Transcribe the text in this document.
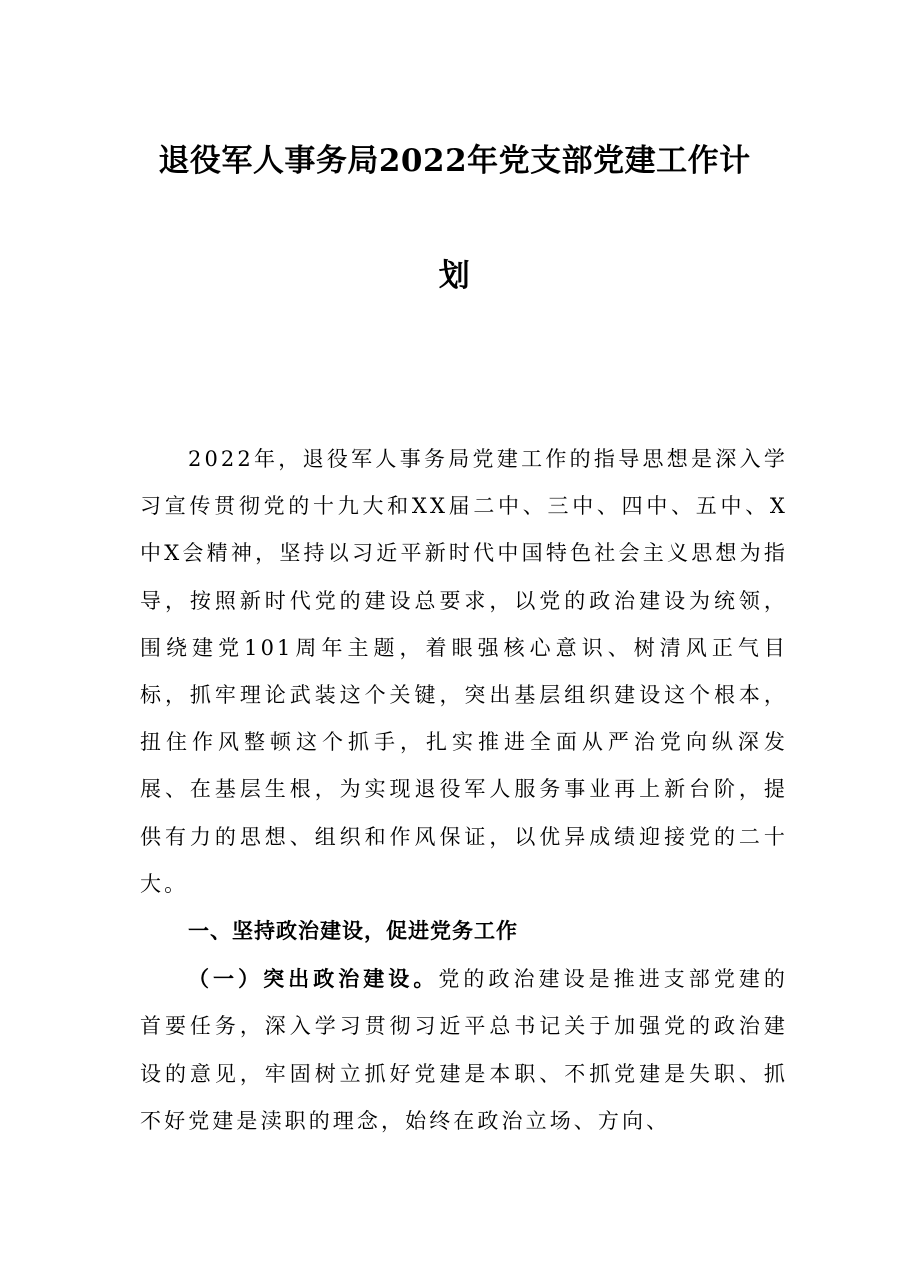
退役军人事务局2022年党支部党建工作计
划

2022年，退役军人事务局党建工作的指导思想是深入学习宣传贯彻党的十九大和XX届二中、三中、四中、五中、X中X会精神，坚持以习近平新时代中国特色社会主义思想为指导，按照新时代党的建设总要求，以党的政治建设为统领，围绕建党101周年主题，着眼强核心意识、树清风正气目标，抓牢理论武装这个关键，突出基层组织建设这个根本，扭住作风整顿这个抓手，扎实推进全面从严治党向纵深发展、在基层生根，为实现退役军人服务事业再上新台阶，提供有力的思想、组织和作风保证，以优异成绩迎接党的二十大。

一、坚持政治建设，促进党务工作

（一）突出政治建设。党的政治建设是推进支部党建的首要任务，深入学习贯彻习近平总书记关于加强党的政治建设的意见，牢固树立抓好党建是本职、不抓党建是失职、抓不好党建是渎职的理念，始终在政治立场、方向、
